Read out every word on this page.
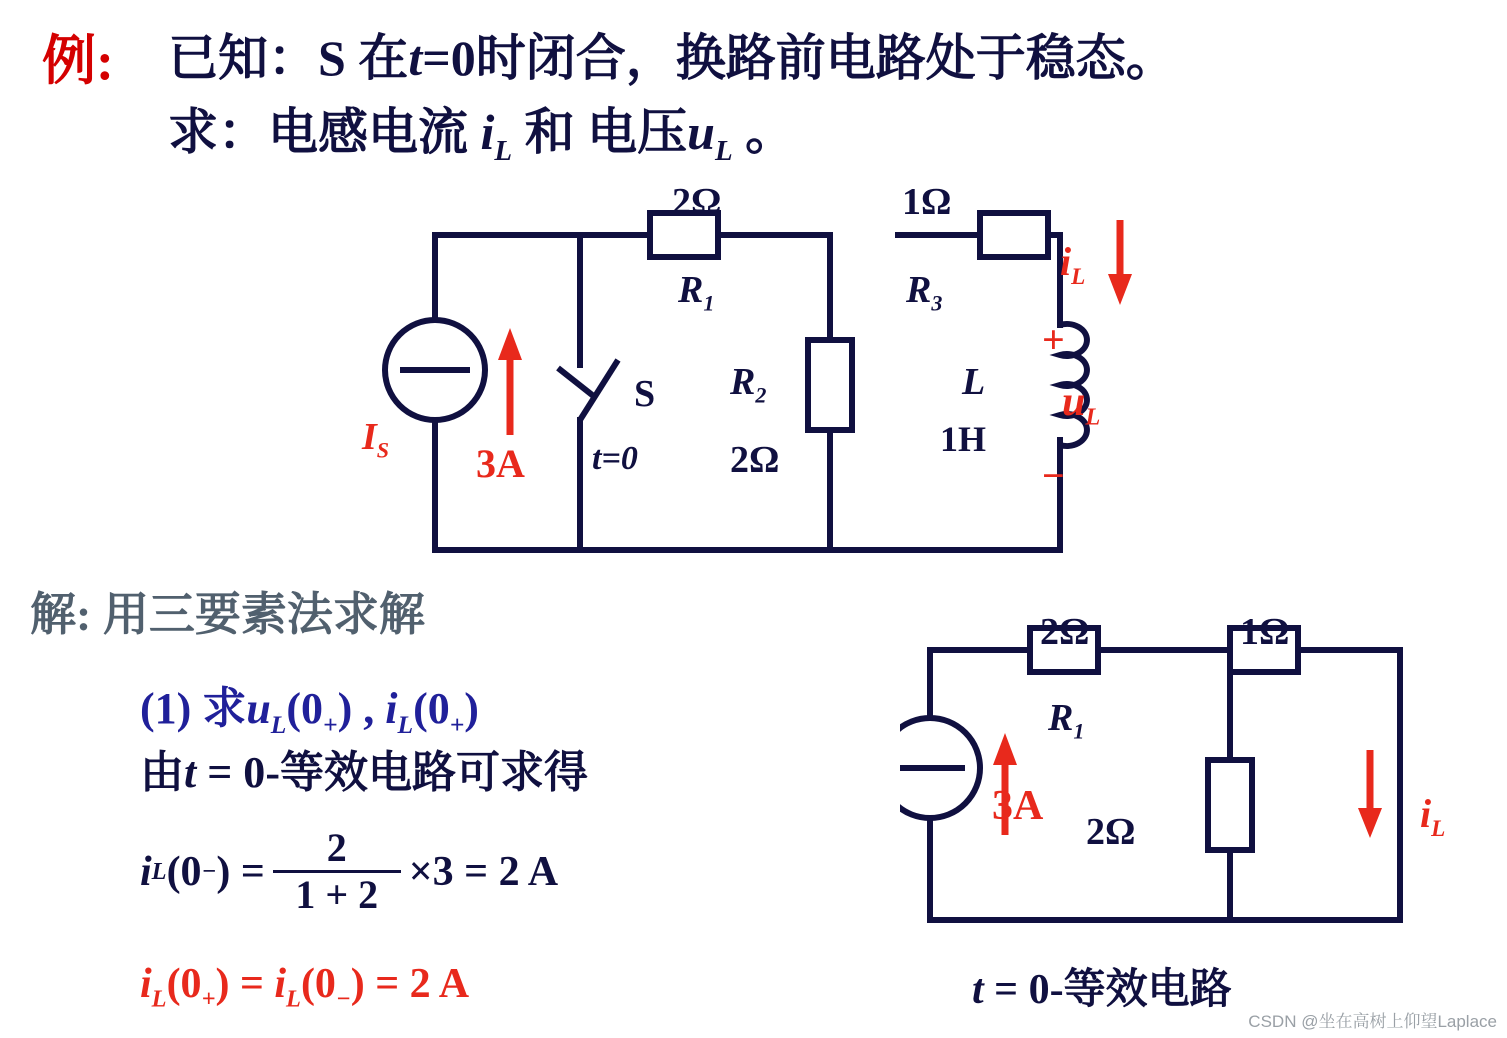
例: 已知：S 在t=0时闭合，换路前电路处于稳态。
求：电感电流 $i_L$ 和 电压$u_L$ 。
2Ω
$R_1$
1Ω
$R_3$
$R_2$
2Ω
$I_S$ 3A
S
t=0
L
1H
$i_L$
+
$u_L$
−
解: 用三要素法求解
(1) 求$u_L(0_+)$ , $i_L(0_+)$
由t = 0-等效电路可求得
i L (0 − ) = $\frac{2}{1 + 2} \times 3 = 2$ A
$i_L(0_+) = i_L(0_-) = 2$ A
2Ω
$R_1$
1Ω
2Ω
3A	$i_L$
t = 0-等效电路
CSDN @坐在高树上仰望Laplace
